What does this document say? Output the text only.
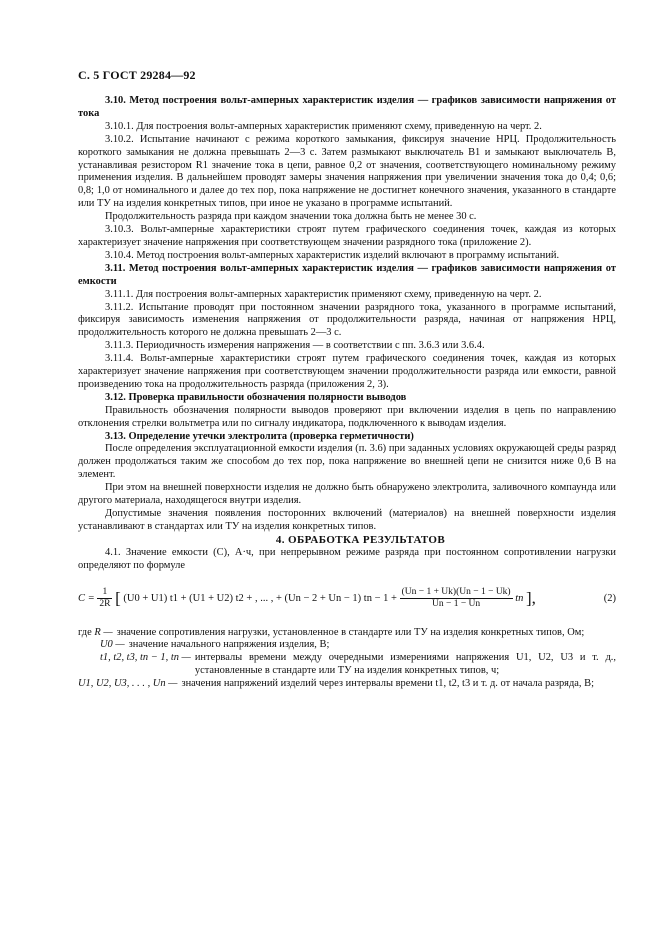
С. 5 ГОСТ 29284—92

3.10. Метод построения вольт-амперных характеристик изделия — графиков зависимости напряжения от тока

3.10.1. Для построения вольт-амперных характеристик применяют схему, приведенную на черт. 2.

3.10.2. Испытание начинают с режима короткого замыкания, фиксируя значение НРЦ. Продолжительность короткого замыкания не должна превышать 2—3 с. Затем размыкают выключатель B1 и замыкают выключатель B, устанавливая резистором R1 значение тока в цепи, равное 0,2 от значения, соответствующего номинальному режиму применения изделия. В дальнейшем проводят замеры значения напряжения при увеличении значения тока до 0,4; 0,6; 0,8; 1,0 от номинального и далее до тех пор, пока напряжение не достигнет конечного значения, указанного в стандарте или ТУ на изделия конкретных типов, при иное не указано в программе испытаний.

Продолжительность разряда при каждом значении тока должна быть не менее 30 с.

3.10.3. Вольт-амперные характеристики строят путем графического соединения точек, каждая из которых характеризует значение напряжения при соответствующем значении разрядного тока (приложение 2).

3.10.4. Метод построения вольт-амперных характеристик изделий включают в программу испытаний.

3.11. Метод построения вольт-амперных характеристик изделия — графиков зависимости напряжения от емкости

3.11.1. Для построения вольт-амперных характеристик применяют схему, приведенную на черт. 2.

3.11.2. Испытание проводят при постоянном значении разрядного тока, указанного в программе испытаний, фиксируя зависимость изменения напряжения от продолжительности разряда, начиная от напряжения НРЦ, продолжительность которого не должна превышать 2—3 с.

3.11.3. Периодичность измерения напряжения — в соответствии с пп. 3.6.3 или 3.6.4.

3.11.4. Вольт-амперные характеристики строят путем графического соединения точек, каждая из которых характеризует значение напряжения при соответствующем значении продолжительности разряда или емкости, равной произведению тока на продолжительность разряда (приложения 2, 3).

3.12. Проверка правильности обозначения полярности выводов

Правильность обозначения полярности выводов проверяют при включении изделия в цепь по направлению отклонения стрелки вольтметра или по сигналу индикатора, подключенного к выводам изделия.

3.13. Определение утечки электролита (проверка герметичности)

После определения эксплуатационной емкости изделия (п. 3.6) при заданных условиях окружающей среды разряд должен продолжаться таким же способом до тех пор, пока напряжение во внешней цепи не снизится ниже 0,6 В на элемент.

При этом на внешней поверхности изделия не должно быть обнаружено электролита, заливочного компаунда или другого материала, находящегося внутри изделия.

Допустимые значения появления посторонних включений (материалов) на внешней поверхности изделия устанавливают в стандартах или ТУ на изделия конкретных типов.

4. ОБРАБОТКА РЕЗУЛЬТАТОВ

4.1. Значение емкости (C), А·ч, при непрерывном режиме разряда при постоянном сопротивлении нагрузки определяют по формуле

$C = \frac{1}{2R}$ [ (U0 + U1) t1 + (U1 + U2) t2 + , ... , + (Un − 2 + Un − 1) tn − $1 + \frac{(Un - 1 + Uk)(Un - 1 - Uk)}{Un - 1 - Un}$ tn ],	(2)
где R — значение сопротивления нагрузки, установленное в стандарте или ТУ на изделия конкретных типов, Ом;
U0 — значение начального напряжения изделия, В;
t1, t2, t3, tn − 1, tn — интервалы времени между очередными измерениями напряжения U1, U2, U3 и т. д., установленные в стандарте или ТУ на изделия конкретных типов, ч;
U1, U2, U3, . . . , Un — значения напряжений изделий через интервалы времени t1, t2, t3 и т. д. от начала разряда, В;
